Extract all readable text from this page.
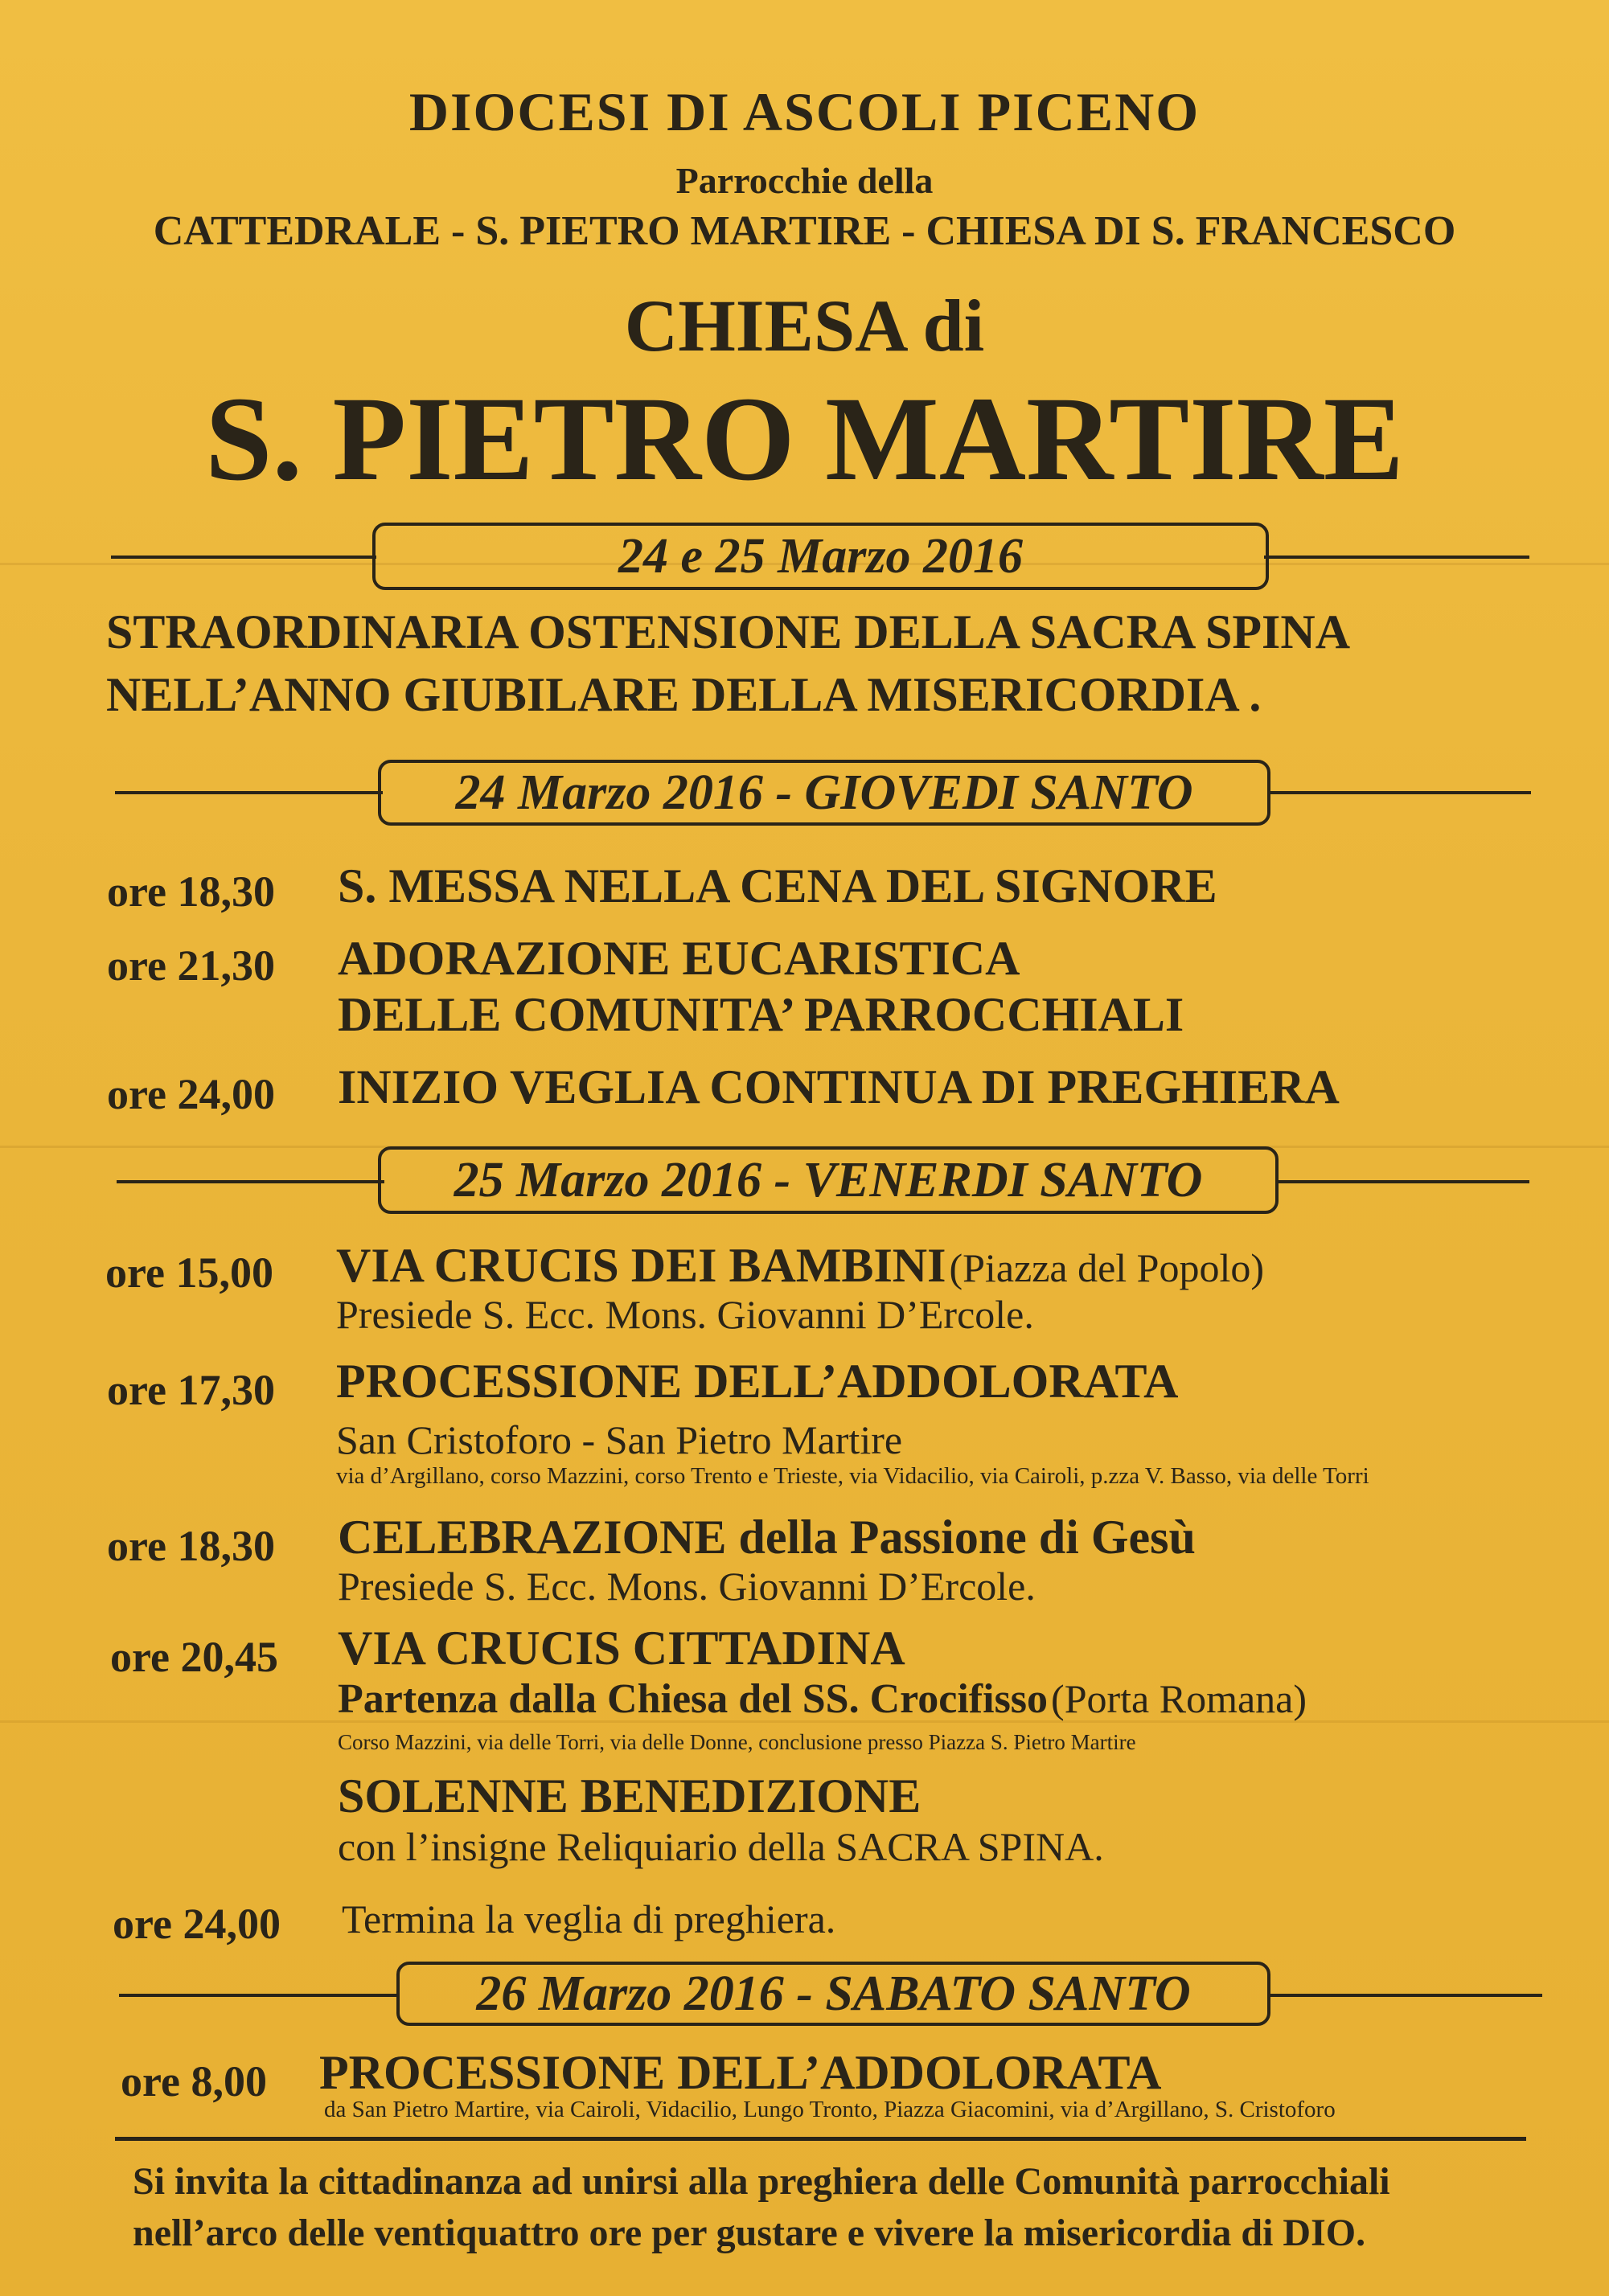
DIOCESI DI ASCOLI PICENO
Parrocchie della
CATTEDRALE - S. PIETRO MARTIRE - CHIESA DI S. FRANCESCO
CHIESA di
S. PIETRO MARTIRE
24 e 25 Marzo 2016
STRAORDINARIA OSTENSIONE DELLA SACRA SPINA
NELL’ANNO GIUBILARE DELLA MISERICORDIA .
24 Marzo 2016 - GIOVEDI SANTO
ore 18,30 S. MESSA NELLA CENA DEL SIGNORE
ore 21,30 ADORAZIONE EUCARISTICA
DELLE COMUNITA’ PARROCCHIALI
ore 24,00 INIZIO VEGLIA CONTINUA DI PREGHIERA
25 Marzo 2016 - VENERDI SANTO
ore 15,00 VIA CRUCIS DEI BAMBINI (Piazza del Popolo)
Presiede S. Ecc. Mons. Giovanni D’Ercole.
ore 17,30 PROCESSIONE DELL’ADDOLORATA
San Cristoforo - San Pietro Martire
via d’Argillano, corso Mazzini, corso Trento e Trieste, via Vidacilio, via Cairoli, p.zza V. Basso, via delle Torri
ore 18,30 CELEBRAZIONE della Passione di Gesù
Presiede S. Ecc. Mons. Giovanni D’Ercole.
ore 20,45 VIA CRUCIS CITTADINA
Partenza dalla Chiesa del SS. Crocifisso (Porta Romana)
Corso Mazzini, via delle Torri, via delle Donne, conclusione presso Piazza S. Pietro Martire
SOLENNE BENEDIZIONE
con l’insigne Reliquiario della SACRA SPINA.
ore 24,00 Termina la veglia di preghiera.
26 Marzo 2016 - SABATO SANTO
ore 8,00 PROCESSIONE DELL’ADDOLORATA
da San Pietro Martire, via Cairoli, Vidacilio, Lungo Tronto, Piazza Giacomini, via d’Argillano, S. Cristoforo
Si invita la cittadinanza ad unirsi alla preghiera delle Comunità parrocchiali
nell’arco delle ventiquattro ore per gustare e vivere la misericordia di DIO.
